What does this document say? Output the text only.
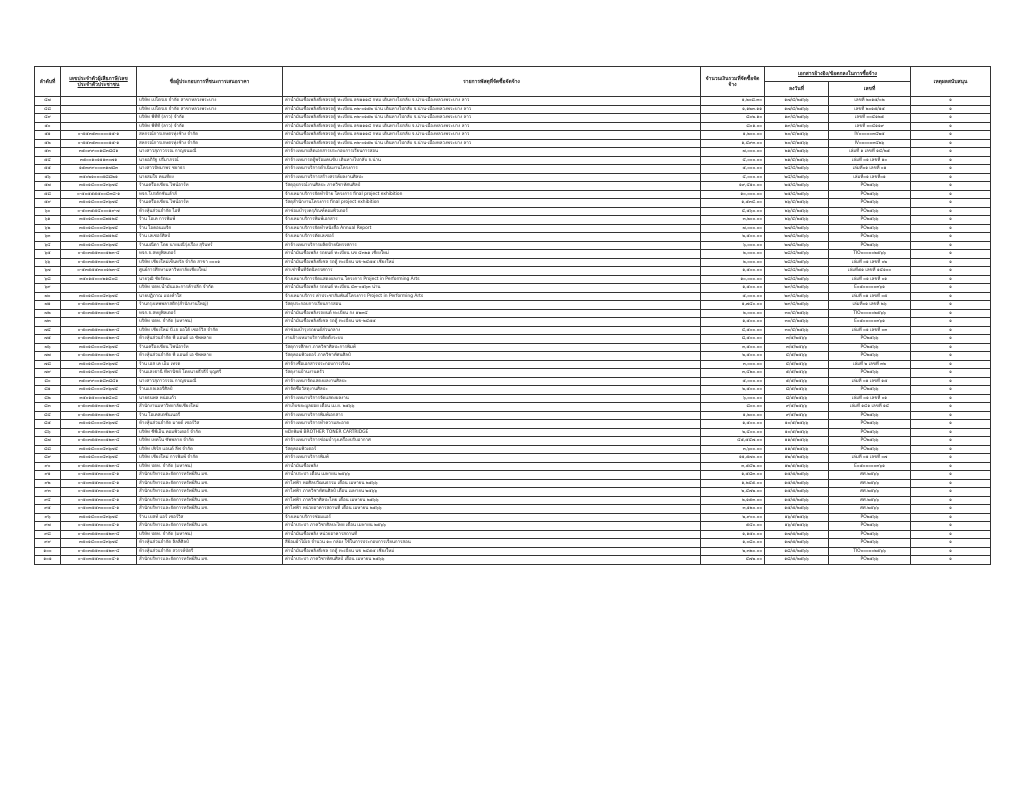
ลำดับที่	เลขประจำตัวผู้เสียภาษี/เลขประจำตัวประชาชน	ชื่อผู้ประกอบการที่ชนะการเสนอราคา	รายการพัสดุที่จัดซื้อจัดจ้าง	จำนวนเงินรวมที่จัดซื้อจัดจ้าง	เอกสารอ้างอิง/ข้อตกลงในการซื้อจ้าง		เหตุผลสนับสนุน
					ลงวันที่	เลขที่	
๔๗		บริษัท เปโตรเจ จำกัด สาขาหลวงพระบาง	ค่าน้ำมันเชื้อเพลิงดีเซลรถตู้ ทะเบียน ฮข๑๑๑๔ กทม เดินทางไปกลับ จ.น่าน-เมืองหลวงพระบาง ลาว	๑,๒๐๘.๓๐	๑๗/๔/๒๕๖๖	เลขที่ ๒๐๑๕/๐๒	๑
๔๘		บริษัท เปโตรเจ จำกัด สาขาหลวงพระบาง	ค่าน้ำมันเชื้อเพลิงดีเซลรถตู้ ทะเบียน ๓๒-๐๑๕๒ น่าน เดินทางไปกลับ จ.น่าน-เมืองหลวงพระบาง ลาว	๑,๑๒๓.๑๑	๑๗/๔/๒๕๖๖	เลขที่ ๒๐๑๕/๑๕	๑
๔๙		บริษัท พีทีที (ลาว) จำกัด	ค่าน้ำมันเชื้อเพลิงดีเซลรถตู้ ทะเบียน ๓๒-๐๑๕๒ น่าน เดินทางไปกลับ จ.น่าน-เมืองหลวงพระบาง ลาว	๘๐๒.๑๐	๑๙/๔/๒๕๖๖	เลขที่ ๐๐๔๑๒๕	๑
๕๐		บริษัท พีทีที (ลาว) จำกัด	ค่าน้ำมันเชื้อเพลิงดีเซลรถตู้ ทะเบียน ฮข๑๑๑๔ กทม เดินทางไปกลับ จ.น่าน-เมืองหลวงพระบาง ลาว	๘๐๑.๐๐	๑๙/๔/๒๕๖๖	เลขที่ ๐๐๔๑๑๙	๑
๕๑	๐-๕๕๓๕๓๐๐๐๐๑๕-๑	สหกรณ์การเกษตรทุ่งช้าง จำกัด	ค่าน้ำมันเชื้อเพลิงดีเซลรถตู้ ทะเบียน ฮข๑๑๑๔ กทม เดินทางไปกลับ จ.น่าน-เมืองหลวงพระบาง ลาว	๑,๒๐๐.๐๐	๒๐/๔/๒๕๖๖	IV๐๐๐๐๐๓๔๒๕	๑
๕๒	๐-๕๕๓๕๓๐๐๐๐๑๕-๑	สหกรณ์การเกษตรทุ่งช้าง จำกัด	ค่าน้ำมันเชื้อเพลิงดีเซลรถตู้ ทะเบียน ๓๒-๐๑๕๒ น่าน เดินทางไปกลับ จ.น่าน-เมืองหลวงพระบาง ลาว	๑,๔๙๓.๐๐	๒๐/๔/๒๕๖๖	IV๐๐๐๐๐๓๔๒๖	๑
๕๓	๓๕๐๙๙๐๐๑๘๓๘๔๑	นางสาวสุภาวรรณ กาญจนมณี	ค่าจ้างเหมาผลิตเอกสารประกอบการเรียนการสอน	๗,๐๐๐.๐๐	๒๑/๔/๒๕๖๖	เล่มที่ ๑ เลขที่ ๑๔/๒๕	๑
๕๔	๓๕๐๐๑๐๑๑๑๓๐๗๑	นายอภิรัฐ ปรีมาภรณ์	ค่าจ้างเหมารถตู้พร้อมคนขับ เดินทางไปกลับ จ.น่าน	๔,๐๐๐.๐๐	๒๑/๔/๒๕๖๖	เล่มที่ ๐๑ เลขที่ ๑๐	๑
๕๕	๑๕๓๙๙๐๐๐๓๑๗๘๓	นางสาวปัทมาพร ชยาธร	ค่าจ้างเหมาบริการดำเนินงานโครงการ	๕,๐๐๐.๐๐	๒๔/๔/๒๕๖๖	เล่มที่๐๑ เลขที่ ๐๑	๑
๕๖	๓๕๐๒๑๐๐๐๕๘๘๒๑	นายสมใจ คนเที่ยง	ค่าจ้างเหมาบริการสร้างสรรค์ผลงานศิลปะ	๔,๐๐๐.๐๐	๒๔/๔/๒๕๖๖	เล่มที่๐๑ เลขที่๐๑	๑
๕๗	๓๕๐๑๔๐๐๐๔๓๖๗๔	ร้านเครื่องเขียน ไฟน์อาร์ท	วัสดุอุปกรณ์งานศิลปะ ภาควิชาทัศนศิลป์	๑๙,๔๑๐.๐๐	๒๕/๔/๒๕๖๖	PO๒๕๖๖	๑
๕๘	๐-๕๐๕๕๕๕๐๐๔๓๘-๑	หจก.โปรดักชั่นเฮ้าส์	จ้างเหมาบริการจัดทำป้าย โครงการ final project exhibition	๑๐,๐๐๐.๐๐	๒๕/๔/๒๕๖๖	PO๒๕๖๖	๑
๕๙	๓๕๐๑๔๐๐๐๔๓๖๗๔	ร้านเครื่องเขียน ไฟน์อาร์ท	วัสดุสำนักงานโครงการ final project exhibition	๑,๕๓๔.๐๐	๒๖/๔/๒๕๖๖	PO๒๕๖๖	๑
๖๐	๐-๕๐๓๕๕๔๐๐๐๑๙-๗	ห้างหุ้นส่วนจำกัด ไอที	ค่าซ่อมบำรุงครุภัณฑ์คอมพิวเตอร์	๔,๕๖๐.๐๐	๒๖/๔/๒๕๖๖	PO๒๕๖๖	๑
๖๑	๓๕๐๑๔๐๐๐๘๗๑๒๔	ร้าน โอเค การพิมพ์	จ้างเหมาบริการพิมพ์เอกสาร	๓,๒๐๐.๐๐	๒๖/๔/๒๕๖๖	PO๒๕๖๖	๑
๖๒	๓๕๐๑๔๐๐๐๔๓๖๗๔	ร้าน ไอคอนเมจิก	จ้างเหมาบริการจัดทำหนังสือ Annual Report	๗,๐๐๐.๐๐	๒๗/๔/๒๕๖๖	PO๒๕๖๖	๑
๖๓	๓๕๐๑๔๐๐๐๘๗๑๒๔	ร้าน เลเซอร์ศิลป์	จ้างเหมาบริการตัดเลเซอร์	๒,๕๐๐.๐๐	๒๗/๔/๒๕๖๖	PO๒๕๖๖	๑
๖๔	๓๕๐๑๔๐๐๐๔๓๖๗๔	ร้านมณีดา โดย นายมณีรุ่งเรือง สุรินทร์	ค่าจ้างเหมาบริการผลิตป้ายนิทรรศการ	๖,๐๐๐.๐๐	๒๗/๔/๒๕๖๖	PO๒๕๖๖	๑
๖๕	๐-๕๐๓๕๕๓๐๐๑๒๓-๔	หจก.จ.สหยูฟิลเตอร์	ค่าน้ำมันเชื้อเพลิง รถยนต์ ทะเบียน นข ๔๓๒๑ เชียงใหม่	๒,๐๐๐.๐๐	๒๘/๔/๒๕๖๖	TIO๐๐๐๐๐๒๕๖๖	๑
๖๖	๐-๕๐๓๕๕๓๐๐๑๒๓-๔	บริษัท เชียงใหม่เซ็นทรัล จำกัด สาขา ๐๐๐๑	ค่าน้ำมันเชื้อเพลิงดีเซล รถตู้ ทะเบียน นข-๒๔๕๕ เชียงใหม่	๒,๐๐๐.๐๐	๒๘/๔/๒๕๖๖	เล่มที่ ๐๑ เลขที่ ๐๒	๑
๖๗	๐-๕๓๕๕๕๓๐๐๑๒๓-๔	ศูนย์การศึกษามหาวิทยาลัยเชียงใหม่	ค่าเช่าพื้นที่จัดนิทรรศการ	๑,๕๐๐.๐๐	๒๘/๔/๒๕๖๖	เล่มที่๕๑ เลขที่ ๑๔๑๐๐	๑
๖๘	๓๕๐๑๕๐๐๐๒๑๘๐๘	นายวุฒิ ชัยรัตนะ	จ้างเหมาบริการจัดแสดงผลงาน โครงการ Project in Performing Arts	๑๐,๐๐๐.๐๐	๒๘/๔/๒๕๖๖	เล่มที่ ๐๑ เลขที่ ๐๑	๑
๖๙		บริษัท ปตท.น้ำมันและการค้าปลีก จำกัด	ค่าน้ำมันเชื้อเพลิง รถยนต์ ทะเบียน ๔๓-๐๕๖๓ น่าน	๑,๕๐๐.๐๐	๒๙/๔/๒๕๖๖	E๐๕๐๐๐๐๐๓๖๑	๑
๗๐	๓๕๐๑๔๐๐๐๔๓๖๗๔	นายปฏิภาณ แปงคำใส	จ้างเหมาบริการ ค่าประชาสัมพันธ์โครงการ Project in Performing Arts	๕,๐๐๐.๐๐	๒๙/๔/๒๕๖๖	เล่มที่ ๐๑ เลขที่ ๐๕	๑
๗๑	๐-๕๐๓๕๕๓๐๐๑๒๓-๔	ร้านกรุงเทพพลาสติก(สำนักงานใหญ่)	วัสดุประกอบการเรียนการสอน	๑,๗๔๐.๐๐	๒๙/๔/๒๕๖๖	เล่มที่๐๑ เลขที่ ๒๖	๑
๗๒	๐-๕๐๓๕๕๓๐๐๑๒๓-๔	หจก.จ.สหยูฟิลเตอร์	ค่าน้ำมันเชื้อเพลิงรถยนต์ ทะเบียน กง ๑๒๓๔	๒,๐๐๐.๐๐	๓๐/๔/๒๕๖๖	TIO๐๐๐๐๐๒๕๖๖	๑
๗๓		บริษัท ปตท. จำกัด (มหาชน)	ค่าน้ำมันเชื้อเพลิงดีเซล รถตู้ ทะเบียน นข-๒๔๕๕	๑,๕๐๐.๐๐	๓๐/๔/๒๕๖๖	E๐๕๐๐๐๐๐๓๖๑	๑
๗๔	๐-๕๐๓๕๕๓๐๐๑๒๓-๔	บริษัท เชียงใหม่ บี.เจ ออโต้ เซอร์วิส จำกัด	ค่าซ่อมบำรุงรถยนต์ส่วนกลาง	๔,๕๐๐.๐๐	๓๐/๔/๒๕๖๖	เล่มที่ ๐๑ เลขที่ ๐๓	๑
๗๕	๐-๕๐๓๕๕๓๐๐๑๒๓-๔	ห้างหุ้นส่วนจำกัด พี แอนด์ เอ ซัพพลาย	งานจ้างเหมาบริการติดตั้งระบบ	๘,๕๐๐.๐๐	๓/๕/๒๕๖๖	PO๒๕๖๖	๑
๗๖	๓๕๐๑๔๐๐๐๔๓๖๗๔	ร้านเครื่องเขียน ไฟน์อาร์ท	วัสดุการศึกษา ภาควิชาศิลปะการพิมพ์	๓,๕๐๐.๐๐	๓/๕/๒๕๖๖	PO๒๕๖๖	๑
๗๗	๐-๕๐๓๕๕๓๐๐๑๒๓-๔	ห้างหุ้นส่วนจำกัด พี แอนด์ เอ ซัพพลาย	วัสดุคอมพิวเตอร์ ภาควิชาทัศนศิลป์	๒,๕๐๐.๐๐	๔/๕/๒๕๖๖	PO๒๕๖๖	๑
๗๘	๓๕๐๑๔๐๐๐๔๓๖๗๔	ร้าน เอส เค เอ็ม เทรด	ค่าจ้างซื้อเอกสารประกอบการเรียน	๓,๐๐๐.๐๐	๔/๕/๒๕๖๖	เล่มที่ ๒ เลขที่ ๓๒	๑
๗๙	๓๕๐๑๔๐๐๐๔๓๖๗๔	ร้านแสงธานี ทีพานิชย์ โดยนายธีรธีร์ บุญศรี	วัสดุงานบ้านงานครัว	๓,๔๒๐.๐๐	๕/๕/๒๕๖๖	PO๒๕๖๖	๑
๘๐	๓๕๐๙๙๐๐๑๘๓๘๔๑	นางสาวสุภาวรรณ กาญจนมณี	ค่าจ้างเหมาจัดแสดงผลงานศิลปะ	๕,๐๐๐.๐๐	๕/๕/๒๕๖๖	เล่มที่ ๐๑ เลขที่ ๑๕	๑
๘๑	๓๕๐๑๔๐๐๐๔๓๖๗๔	ร้านแกลเลอรี่ศิลป์	ค่าจัดซื้อวัสดุงานศิลปะ	๒,๕๐๐.๐๐	๘/๕/๒๕๖๖	PO๒๕๖๖	๑
๘๒	๓๕๐๑๕๐๐๐๒๑๘๐๘	นายธนพล หน่อแก้ว	ค่าจ้างเหมาบริการจัดแสดงผลงาน	๖,๐๐๐.๐๐	๘/๕/๒๕๖๖	เล่มที่ ๐๑ เลขที่ ๐๑	๑
๘๓	๐-๕๐๓๕๕๓๐๐๑๒๓-๔	สำนักงานมหาวิทยาลัยเชียงใหม่	ค่าเก็บขยะมูลฝอย เดือน เม.ย. ๒๕๖๖	๘๐๐.๐๐	๙/๕/๒๕๖๖	เล่มที่ ๑๔๑ เลขที่ ๑๔	๑
๘๔	๐-๕๐๓๕๕๓๐๐๑๒๓-๔	ร้าน โอเคสเตชั่นเนอรี่	ค่าจ้างเหมาบริการพิมพ์เอกสาร	๑,๒๐๐.๐๐	๙/๕/๒๕๖๖	PO๒๕๖๖	๑
๘๕	๓๕๐๑๔๐๐๐๔๓๖๗๔	ห้างหุ้นส่วนจำกัด มายด์ เซอร์วิส	ค่าจ้างเหมาบริการทำความสะอาด	๑,๕๐๐.๐๐	๑๐/๕/๒๕๖๖	PO๒๕๖๖	๑
๘๖	๐-๕๐๓๕๕๓๐๐๑๒๓-๔	บริษัท ซีพีเอ็น คอมพิวเตอร์ จำกัด	หมึกพิมพ์ BROTHER TONER CARTRIDGE	๒,๔๐๐.๐๐	๑๐/๕/๒๕๖๖	PO๒๕๖๖	๑
๘๗	๐-๕๐๓๕๕๓๐๐๑๒๓-๔	บริษัท เทคโน ซัพพลาย จำกัด	ค่าจ้างเหมาบริการซ่อมบำรุงเครื่องปรับอากาศ	๔๕,๕๔๗.๐๐	๑๑/๕/๒๕๖๖	PO๒๕๖๖	๑
๘๘	๓๕๐๑๔๐๐๐๔๓๖๗๔	บริษัท เฟิร์ส แอนด์ ลีฟ จำกัด	วัสดุคอมพิวเตอร์	๓,๖๐๐.๐๐	๑๑/๕/๒๕๖๖	PO๒๕๖๖	๑
๘๙	๓๕๐๑๔๐๐๐๔๓๖๗๔	บริษัท เชียงใหม่ การพิมพ์ จำกัด	ค่าจ้างเหมาบริการพิมพ์	๑๑,๕๗๐.๐๐	๑๒/๕/๒๕๖๖	เล่มที่ ๐๑ เลขที่ ๐๗	๑
๙๐	๐-๕๐๓๕๕๓๐๐๑๒๓-๔	บริษัท ปตท. จำกัด (มหาชน)	ค่าน้ำมันเชื้อเพลิง	๓,๕๔๒.๐๐	๑๒/๕/๒๕๖๖	E๐๕๐๐๐๐๐๓๖๑	๑
๙๑	๐-๕๐๓๕๕๓๐๐๐๐๔-๑	สำนักบริหารและจัดการทรัพย์สิน มช.	ค่าน้ำประปา เดือน เมษายน ๒๕๖๖	๑,๕๘๓.๐๐	๑๕/๕/๒๕๖๖	ศศ.๒๕๖๖	๑
๙๒	๐-๕๐๓๕๕๓๐๐๐๐๔-๑	สำนักบริหารและจัดการทรัพย์สิน มช.	ค่าไฟฟ้า หอศิลปวัฒนธรรม เดือน เมษายน ๒๕๖๖	๑,๒๔๕.๐๐	๑๕/๕/๒๕๖๖	ศศ.๒๕๖๖	๑
๙๓	๐-๕๐๓๕๕๓๐๐๐๐๔-๑	สำนักบริหารและจัดการทรัพย์สิน มช.	ค่าไฟฟ้า ภาควิชาทัศนศิลป์ เดือน เมษายน ๒๕๖๖	๒,๔๗๒.๐๐	๑๕/๕/๒๕๖๖	ศศ.๒๕๖๖	๑
๙๔	๐-๕๐๓๕๕๓๐๐๐๐๔-๑	สำนักบริหารและจัดการทรัพย์สิน มช.	ค่าไฟฟ้า ภาควิชาศิลปะไทย เดือน เมษายน ๒๕๖๖	๒,๑๕๓.๐๐	๑๕/๕/๒๕๖๖	ศศ.๒๕๖๖	๑
๙๕	๐-๕๐๓๕๕๓๐๐๐๐๔-๑	สำนักบริหารและจัดการทรัพย์สิน มช.	ค่าไฟฟ้า หน่วยอาคารสถานที่ เดือน เมษายน ๒๕๖๖	๓,๑๒๐.๐๐	๑๕/๕/๒๕๖๖	ศศ.๒๕๖๖	๑
๙๖	๓๕๐๑๔๐๐๐๔๓๖๗๔	ร้าน เบสท์ แอร์ เซอร์วิส	จ้างเหมาบริการซ่อมแอร์	๒,๙๐๐.๐๐	๑๖/๕/๒๕๖๖	PO๒๕๖๖	๑
๙๗	๐-๕๐๓๕๕๓๐๐๐๐๔-๑	สำนักบริหารและจัดการทรัพย์สิน มช.	ค่าน้ำประปา ภาควิชาศิลปะไทย เดือน เมษายน ๒๕๖๖	๕๔๐.๐๐	๑๖/๕/๒๕๖๖	PO๒๕๖๖	๑
๙๘	๐-๕๐๓๕๕๓๐๐๑๒๓-๔	บริษัท ปตท. จำกัด (มหาชน)	ค่าน้ำมันเชื้อเพลิง หน่วยอาคารสถานที่	๑,๑๕๐.๐๐	๑๗/๕/๒๕๖๖	PO๒๕๖๖	๑
๙๙	๓๕๐๑๔๐๐๐๔๓๖๗๔	ห้างหุ้นส่วนจำกัด ลิลลี่ศิลป์	สีย้อมผ้าไม้เจ จำนวน ๑๐ กล่อง ใช้ในการประกอบการเรียนการสอน	๑,๐๘๐.๐๐	๑๗/๕/๒๕๖๖	PO๒๕๖๖	๑
๑๐๐	๐-๕๐๓๕๕๓๐๐๑๒๓-๔	ห้างหุ้นส่วนจำกัด สวรรค์บัตรี	ค่าน้ำมันเชื้อเพลิงดีเซล รถตู้ ทะเบียน นข ๒๔๕๕ เชียงใหม่	๒,๓๒๐.๐๐	๑๘/๕/๒๕๖๖	TIO๐๐๐๐๐๒๕๖๖	๑
๑๐๑	๐-๕๐๓๕๕๓๐๐๐๐๔-๑	สำนักบริหารและจัดการทรัพย์สิน มช.	ค่าน้ำประปา ภาควิชาทัศนศิลป์ เดือน เมษายน ๒๕๖๖	๔๗๒.๐๐	๑๘/๕/๒๕๖๖	PO๒๕๖๖	๑
